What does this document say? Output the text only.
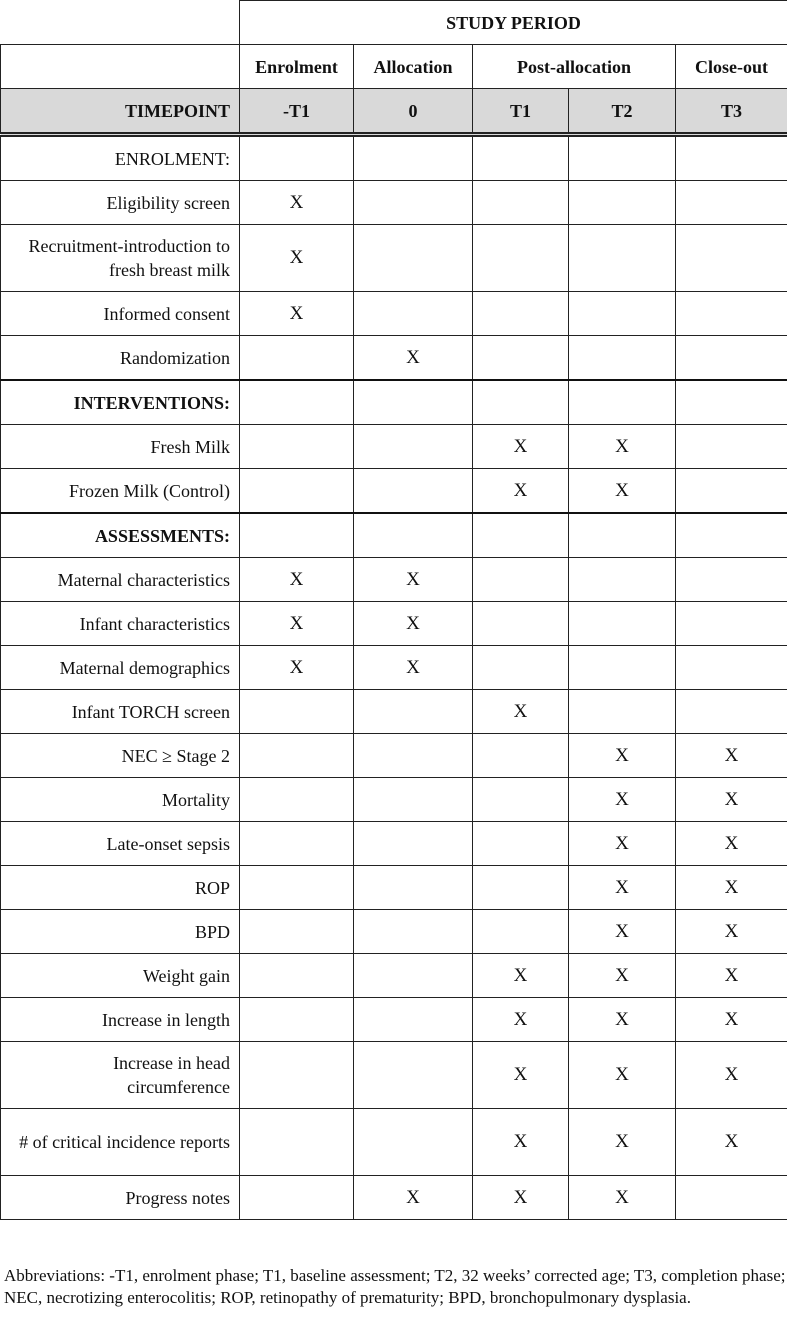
	STUDY PERIOD				
	Enrolment	Allocation	Post-allocation		Close-out
TIMEPOINT	-T1	0	T1	T2	T3
ENROLMENT:					
Eligibility screen	X				
Recruitment-introduction to fresh breast milk	X				
Informed consent	X				
Randomization		X			
INTERVENTIONS:					
Fresh Milk			X	X	
Frozen Milk (Control)			X	X	
ASSESSMENTS:					
Maternal characteristics	X	X			
Infant characteristics	X	X			
Maternal demographics	X	X			
Infant TORCH screen			X		
NEC ≥ Stage 2				X	X
Mortality				X	X
Late-onset sepsis				X	X
ROP				X	X
BPD				X	X
Weight gain			X	X	X
Increase in length			X	X	X
Increase in head circumference			X	X	X
# of critical incidence reports			X	X	X
Progress notes		X	X	X	
Abbreviations: -T1, enrolment phase; T1, baseline assessment; T2, 32 weeks’ corrected age; T3, completion phase; NEC, necrotizing enterocolitis; ROP, retinopathy of prematurity; BPD, bronchopulmonary dysplasia.
